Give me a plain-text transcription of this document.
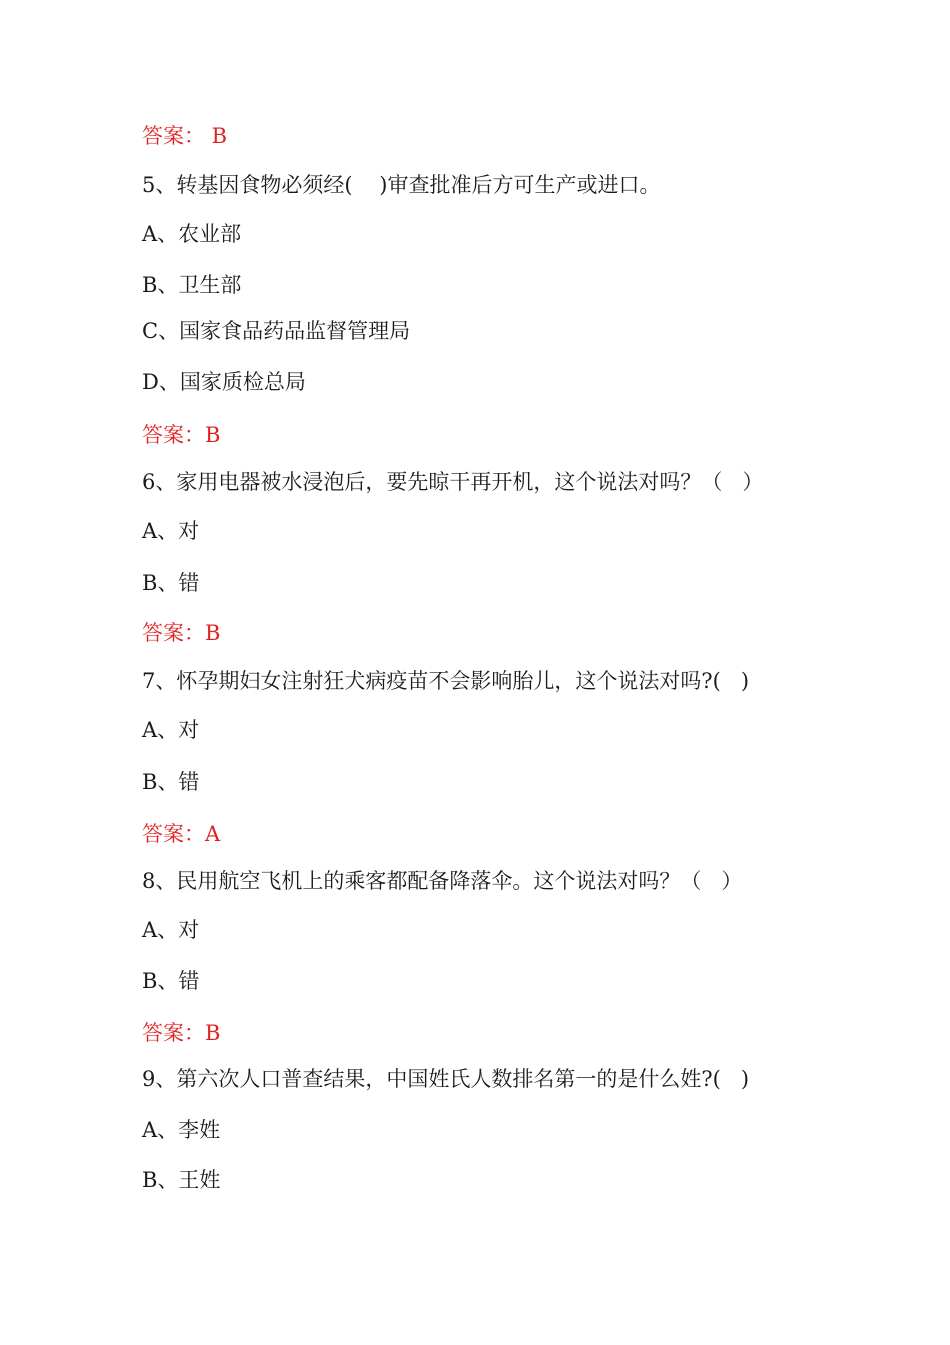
答案： B
5、转基因食物必须经(    )审查批准后方可生产或进口。
A、农业部
B、卫生部
C、国家食品药品监督管理局
D、国家质检总局
答案：B
6、家用电器被水浸泡后，要先晾干再开机，这个说法对吗？（   ）
A、对
B、错
答案：B
7、怀孕期妇女注射狂犬病疫苗不会影响胎儿，这个说法对吗?(   )
A、对
B、错
答案：A
8、民用航空飞机上的乘客都配备降落伞。这个说法对吗？（   ）
A、对
B、错
答案：B
9、第六次人口普查结果，中国姓氏人数排名第一的是什么姓?(   )
A、李姓
B、王姓
